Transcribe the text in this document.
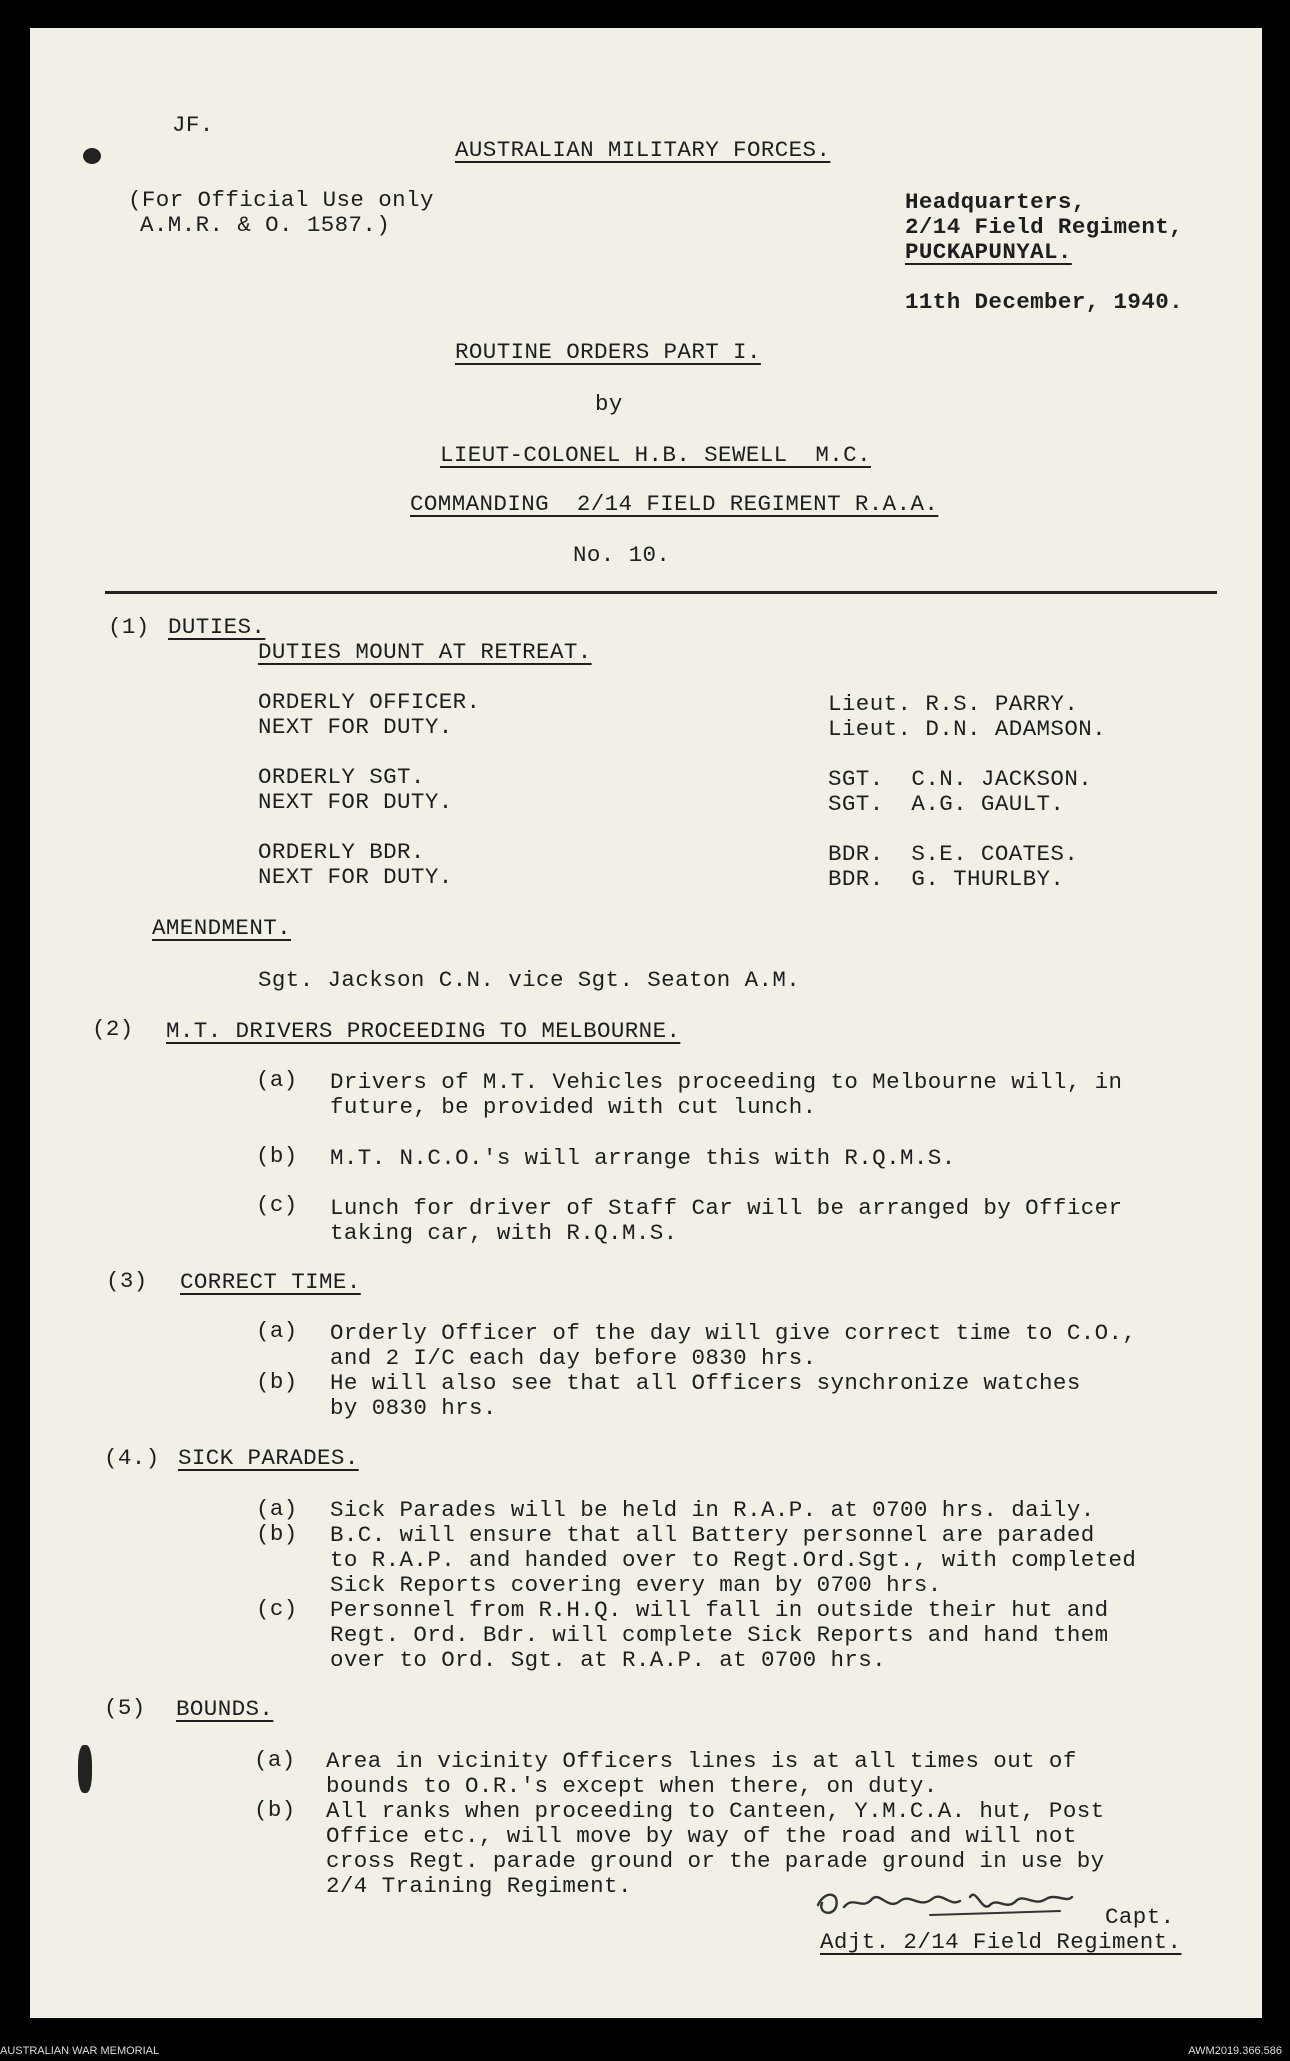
JF.
AUSTRALIAN MILITARY FORCES.
(For Official Use only
A.M.R. & O. 1587.)
Headquarters,
2/14 Field Regiment,
PUCKAPUNYAL.
11th December, 1940.
ROUTINE ORDERS PART I.
by
LIEUT-COLONEL H.B. SEWELL  M.C.
COMMANDING  2/14 FIELD REGIMENT R.A.A.
No. 10.
(1) DUTIES.
DUTIES MOUNT AT RETREAT.
ORDERLY OFFICER.	Lieut. R.S. PARRY.
NEXT FOR DUTY.	Lieut. D.N. ADAMSON.
ORDERLY SGT.	SGT.  C.N. JACKSON.
NEXT FOR DUTY.	SGT.  A.G. GAULT.
ORDERLY BDR.	BDR.  S.E. COATES.
NEXT FOR DUTY.	BDR.  G. THURLBY.
AMENDMENT.
Sgt. Jackson C.N. vice Sgt. Seaton A.M.
(2) M.T. DRIVERS PROCEEDING TO MELBOURNE.
(a) Drivers of M.T. Vehicles proceeding to Melbourne will, in
future, be provided with cut lunch.
(b) M.T. N.C.O.'s will arrange this with R.Q.M.S.
(c) Lunch for driver of Staff Car will be arranged by Officer
taking car, with R.Q.M.S.
(3) CORRECT TIME.
(a) Orderly Officer of the day will give correct time to C.O.,
and 2 I/C each day before 0830 hrs.
(b) He will also see that all Officers synchronize watches
by 0830 hrs.
(4.) SICK PARADES.
(a) Sick Parades will be held in R.A.P. at 0700 hrs. daily.
(b) B.C. will ensure that all Battery personnel are paraded
to R.A.P. and handed over to Regt.Ord.Sgt., with completed
Sick Reports covering every man by 0700 hrs.
(c) Personnel from R.H.Q. will fall in outside their hut and
Regt. Ord. Bdr. will complete Sick Reports and hand them
over to Ord. Sgt. at R.A.P. at 0700 hrs.
(5) BOUNDS.
(a) Area in vicinity Officers lines is at all times out of
bounds to O.R.'s except when there, on duty.
(b) All ranks when proceeding to Canteen, Y.M.C.A. hut, Post
Office etc., will move by way of the road and will not
cross Regt. parade ground or the parade ground in use by
2/4 Training Regiment.
Capt.
Adjt. 2/14 Field Regiment.
AUSTRALIAN WAR MEMORIAL	AWM2019.366.586
